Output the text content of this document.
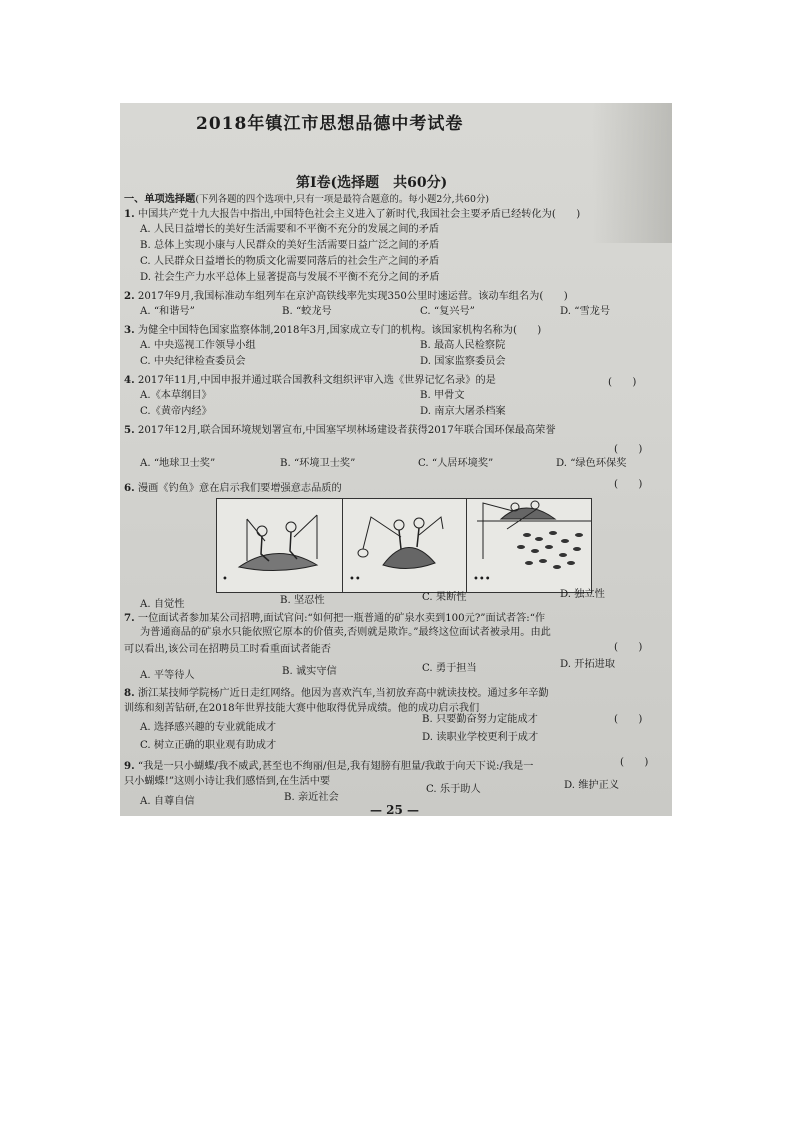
2018年镇江市思想品德中考试卷
第Ⅰ卷(选择题　共60分)
一、单项选择题(下列各题的四个选项中,只有一项是最符合题意的。每小题2分,共60分)
1. 中国共产党十九大报告中指出,中国特色社会主义进入了新时代,我国社会主要矛盾已经转化为(　　)
A. 人民日益增长的美好生活需要和不平衡不充分的发展之间的矛盾
B. 总体上实现小康与人民群众的美好生活需要日益广泛之间的矛盾
C. 人民群众日益增长的物质文化需要同落后的社会生产之间的矛盾
D. 社会生产力水平总体上显著提高与发展不平衡不充分之间的矛盾
2. 2017年9月,我国标准动车组列车在京沪高铁线率先实现350公里时速运营。该动车组名为(　　)
A. “和谐号”	B. “蛟龙号	C. “复兴号”	D. “雪龙号
3. 为健全中国特色国家监察体制,2018年3月,国家成立专门的机构。该国家机构名称为(　　)
A. 中央巡视工作领导小组	B. 最高人民检察院
C. 中央纪律检查委员会	D. 国家监察委员会
4. 2017年11月,中国申报并通过联合国教科文组织评审入选《世界记忆名录》的是	(　　)
A.《本草纲目》	B. 甲骨文
C.《黄帝内经》	D. 南京大屠杀档案
5. 2017年12月,联合国环境规划署宣布,中国塞罕坝林场建设者获得2017年联合国环保最高荣誉
(　　)
A. “地球卫士奖”	B. “环境卫士奖”	C. “人居环境奖”	D. “绿色环保奖
6. 漫画《钓鱼》意在启示我们要增强意志品质的	(　　)
•	••	•••
A. 自觉性	B. 坚忍性	C. 果断性	D. 独立性
7. 一位面试者参加某公司招聘,面试官问:“如何把一瓶普通的矿泉水卖到100元?”面试者答:“作
为普通商品的矿泉水只能依照它原本的价值卖,否则就是欺诈。”最终这位面试者被录用。由此
可以看出,该公司在招聘员工时看重面试者能否	(　　)
A. 平等待人	B. 诚实守信	C. 勇于担当	D. 开拓进取
8. 浙江某技师学院杨广近日走红网络。他因为喜欢汽车,当初放弃高中就读技校。通过多年辛勤
训练和刻苦钻研,在2018年世界技能大赛中他取得优异成绩。他的成功启示我们
(　　)
A. 选择感兴趣的专业就能成才
B. 只要勤奋努力定能成才
C. 树立正确的职业观有助成才
D. 读职业学校更利于成才
9. “我是一只小蝴蝶/我不威武,甚至也不绚丽/但是,我有翅膀有胆量/我敢于向天下说:/我是一
只小蝴蝶!”这则小诗让我们感悟到,在生活中要
(　　)
A. 自尊自信	B. 亲近社会
C. 乐于助人	D. 维护正义
— 25 —
